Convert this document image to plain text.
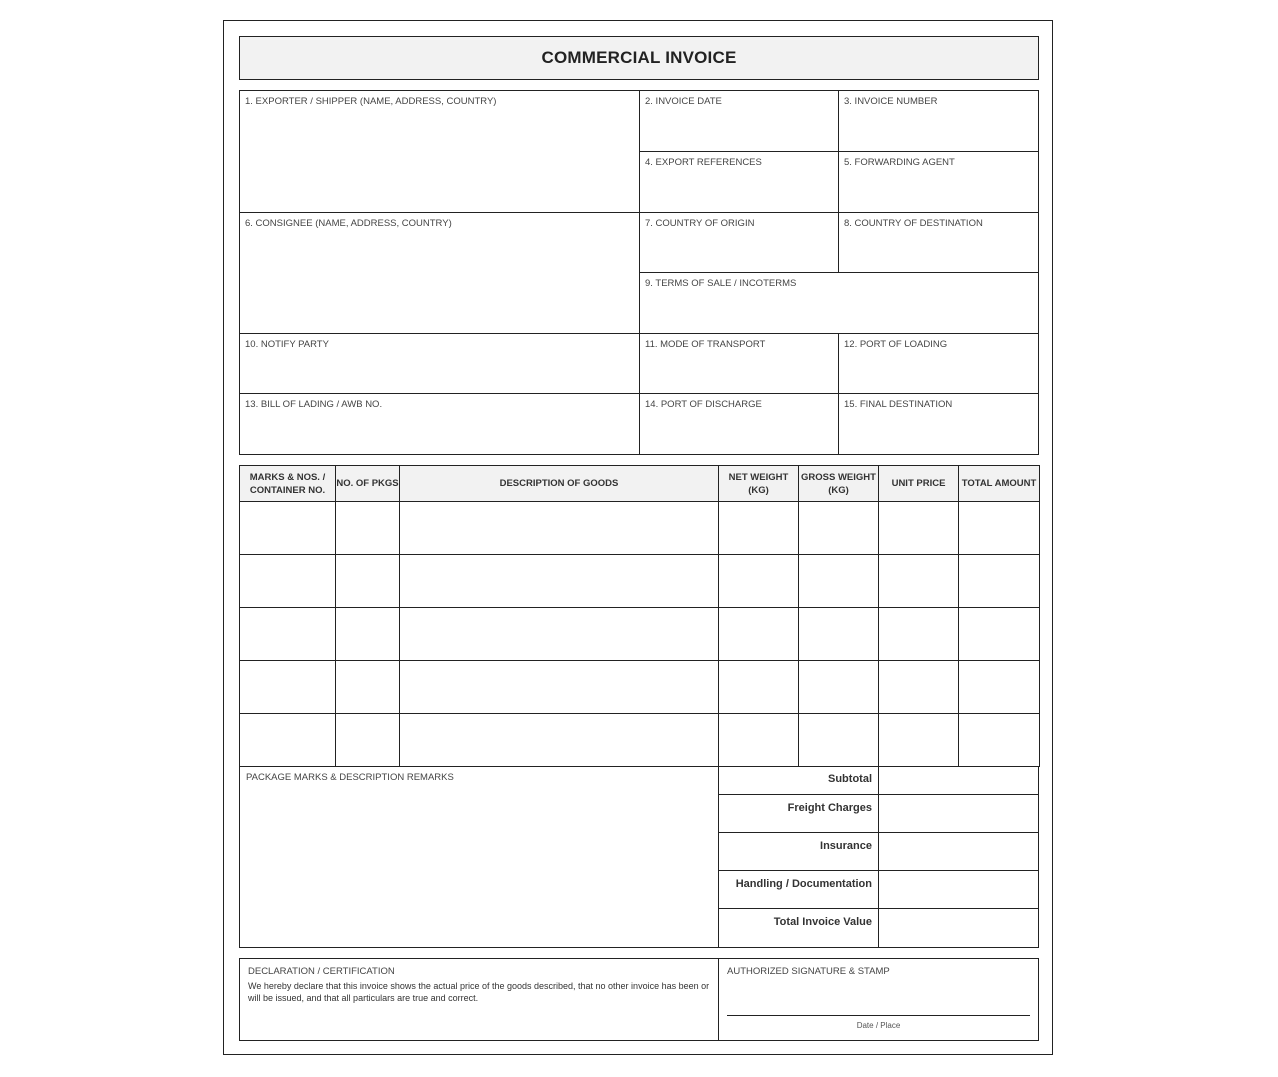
COMMERCIAL INVOICE
1. EXPORTER / SHIPPER (NAME, ADDRESS, COUNTRY)	2. INVOICE DATE	3. INVOICE NUMBER
4. EXPORT REFERENCES	5. FORWARDING AGENT
6. CONSIGNEE (NAME, ADDRESS, COUNTRY)	7. COUNTRY OF ORIGIN	8. COUNTRY OF DESTINATION
9. TERMS OF SALE / INCOTERMS
10. NOTIFY PARTY	11. MODE OF TRANSPORT	12. PORT OF LOADING
13. BILL OF LADING / AWB NO.	14. PORT OF DISCHARGE	15. FINAL DESTINATION
MARKS & NOS. / CONTAINER NO.	NO. OF PKGS	DESCRIPTION OF GOODS	NET WEIGHT (KG)	GROSS WEIGHT (KG)	UNIT PRICE	TOTAL AMOUNT

PACKAGE MARKS & DESCRIPTION REMARKS	Subtotal
Freight Charges
Insurance
Handling / Documentation
Total Invoice Value
DECLARATION / CERTIFICATION
We hereby declare that this invoice shows the actual price of the goods described, that no other invoice has been or will be issued, and that all particulars are true and correct.
AUTHORIZED SIGNATURE & STAMP
Date / Place
